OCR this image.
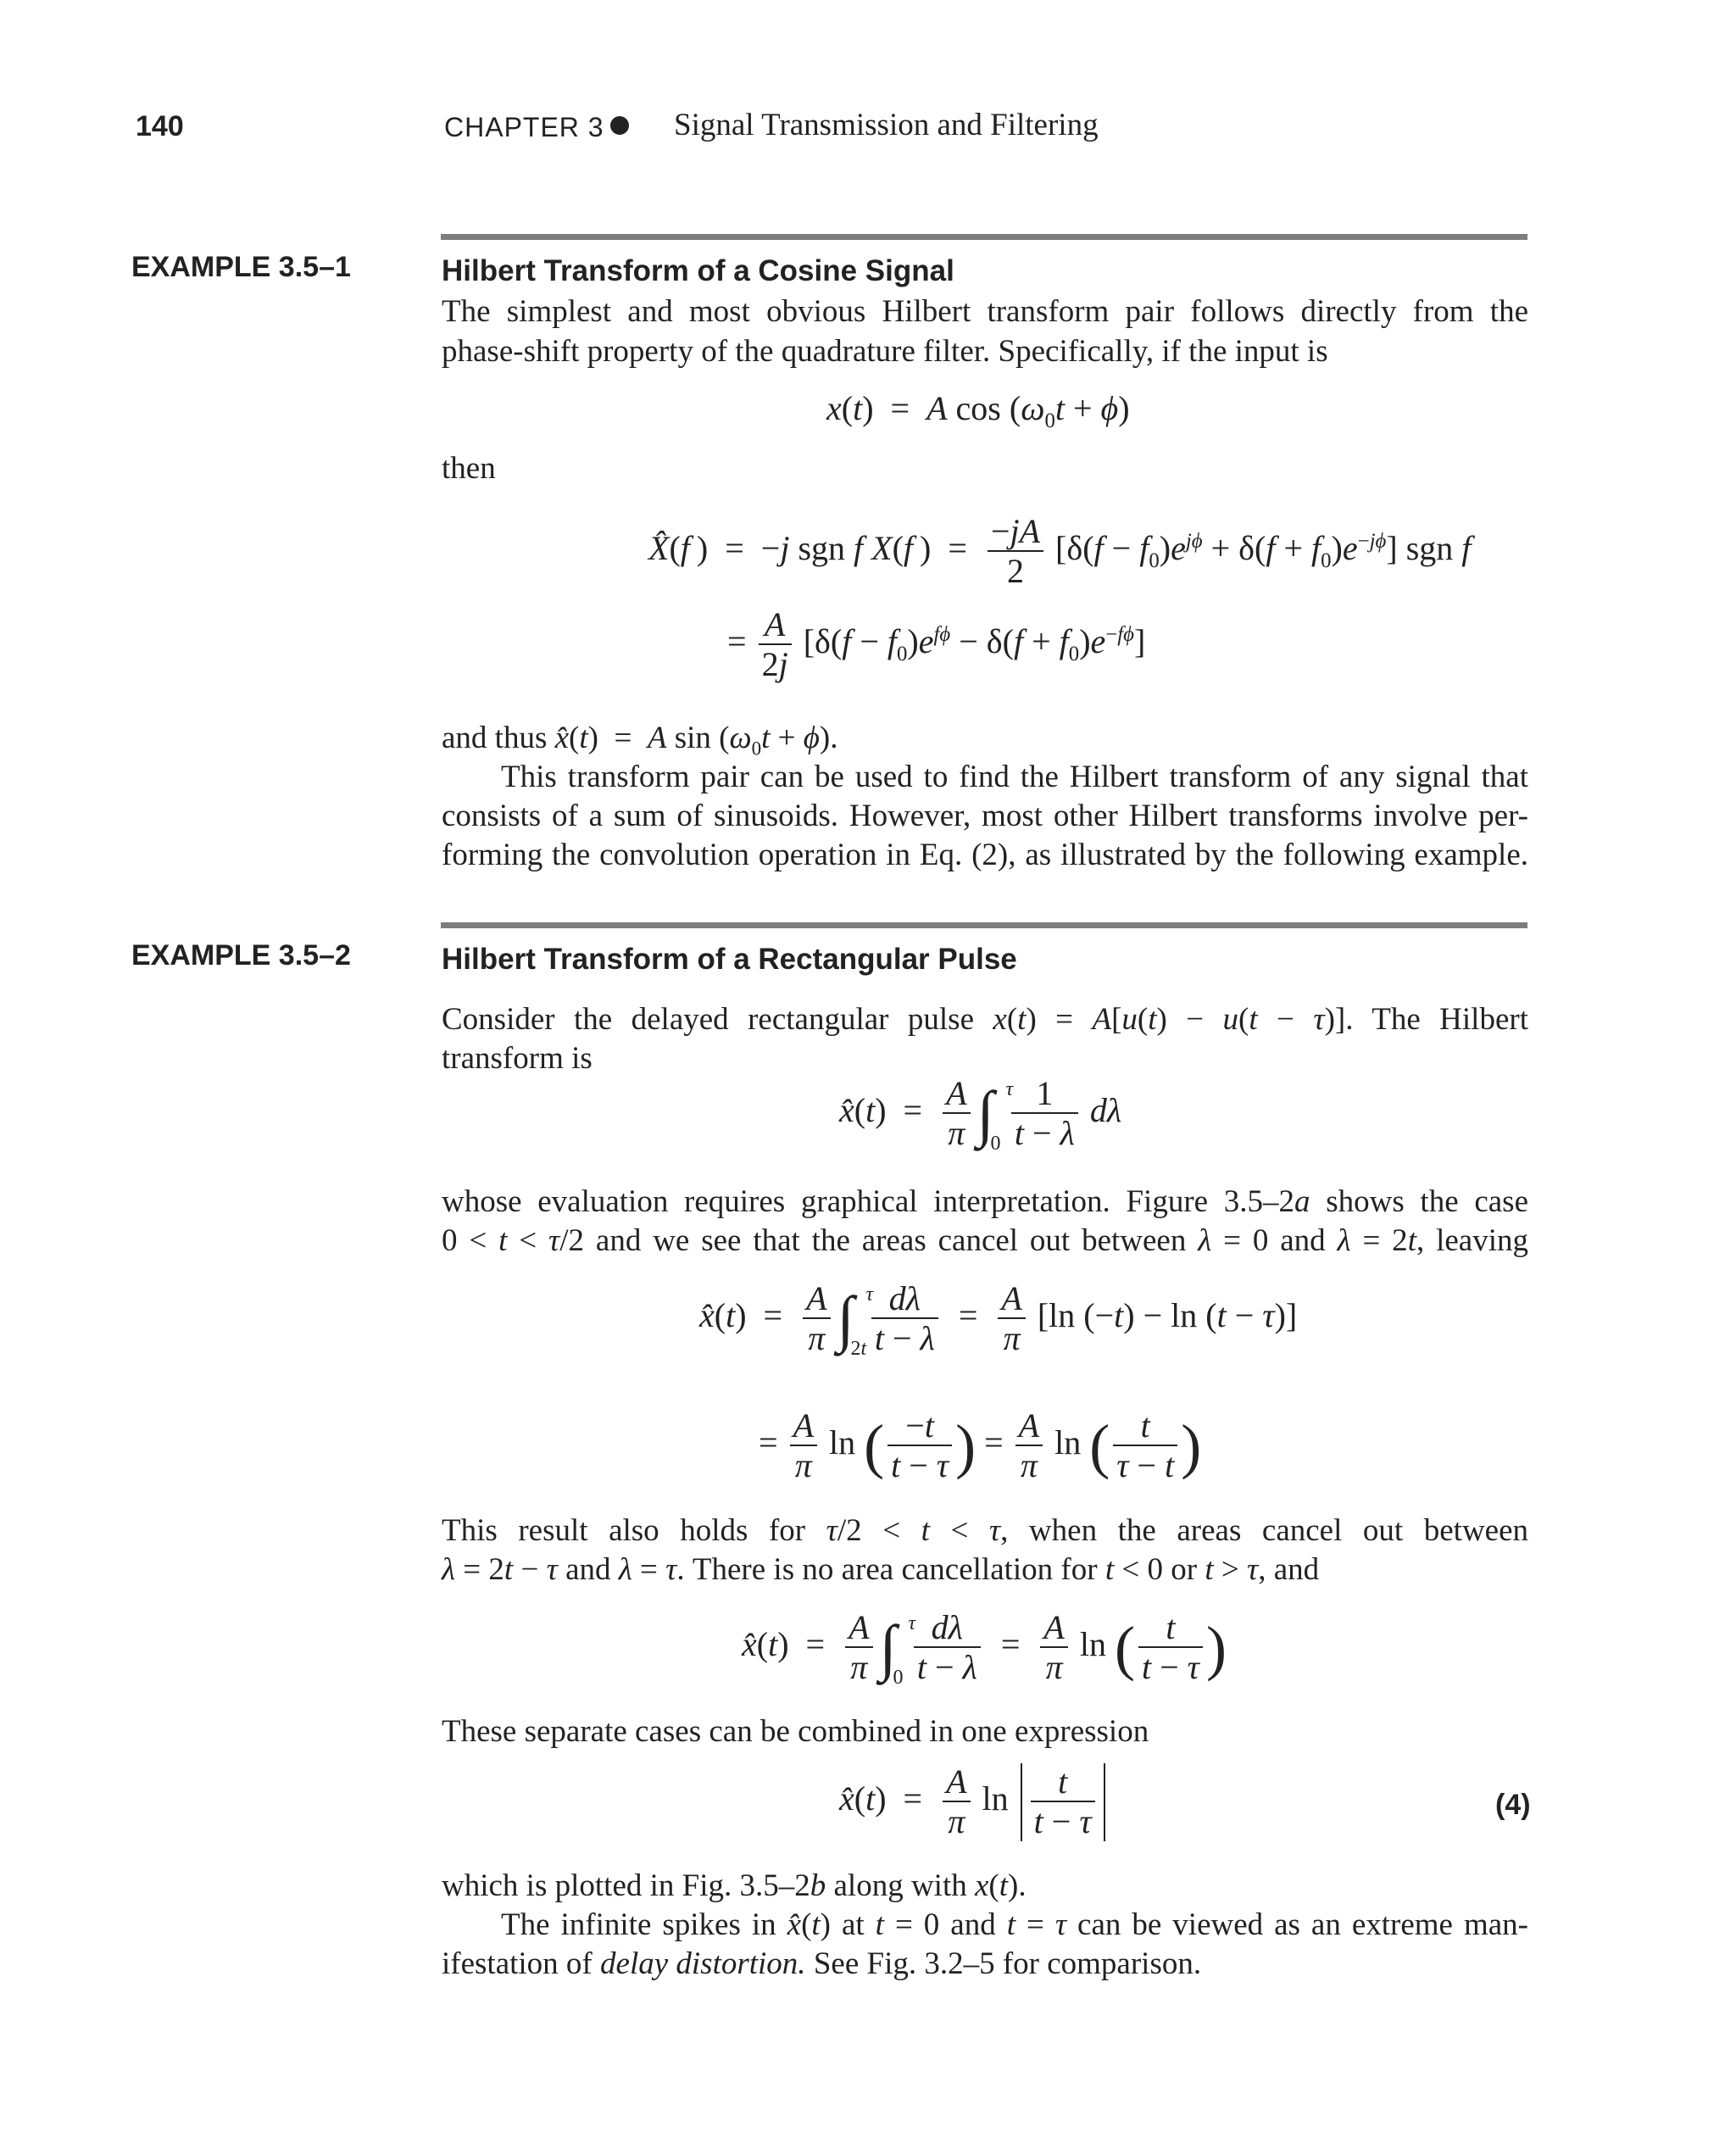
140	CHAPTER 3 Signal Transmission and Filtering
EXAMPLE 3.5–1	Hilbert Transform of a Cosine Signal
The simplest and most obvious Hilbert transform pair follows directly from the
phase-shift property of the quadrature filter. Specifically, if the input is
x(t)  =  A $\cos (\omega_0t + \phi)$
then
X̂(f )  =  −j sgn f X(f )  = $\frac{-jA}{2} [\delta(f - f_0)e^{j\phi} + \delta(f + f_0)e^{-j\phi}]$ sgn f
= $\frac{A}{2j} [\delta(f - f_0)e^{f\phi} - \delta(f + f_0)e^{-f\phi}]$
and thus x̂(t)  =  A $\sin (\omega_0t + \phi)$.
This transform pair can be used to find the Hilbert transform of any signal that
consists of a sum of sinusoids. However, most other Hilbert transforms involve per-
forming the convolution operation in Eq. (2), as illustrated by the following example.
EXAMPLE 3.5–2	Hilbert Transform of a Rectangular Pulse
Consider the delayed rectangular pulse x(t) = A[u(t) − u(t − τ)]. The Hilbert
transform is
x̂(t)  = $\frac{A}{\pi}$ ∫ τ
0
$\frac{1}{t - \lambda}$ dλ
whose evaluation requires graphical interpretation. Figure 3.5–2a shows the case
0 < t < τ/2 and we see that the areas cancel out between λ = 0 and λ = 2t, leaving
x̂(t)  = $\frac{A}{\pi}$ ∫ τ
2t
$\frac{d\lambda}{t - \lambda} = \frac{A}{\pi} [\ln$ (−t) − ln (t − τ)]
= $\frac{A}{\pi}$ ln ( $\frac{-t}{t - \tau}$ ) = $\frac{A}{\pi}$ ln ( $\frac{t}{\tau - t}$ )
This result also holds for τ/2 < t < τ, when the areas cancel out between
λ = 2t − τ and λ = τ. There is no area cancellation for t < 0 or t > τ, and
x̂(t)  = $\frac{A}{\pi}$ ∫ τ
0
$\frac{d\lambda}{t - \lambda} = \frac{A}{\pi}$ ln ( $\frac{t}{t - \tau}$ )
These separate cases can be combined in one expression
x̂(t)  = $\frac{A}{\pi}$ $\ln \frac{t}{t - \tau}$	(4)
which is plotted in Fig. 3.5–2b along with x(t).
The infinite spikes in x̂(t) at t = 0 and t = τ can be viewed as an extreme man-
ifestation of delay distortion. See Fig. 3.2–5 for comparison.
